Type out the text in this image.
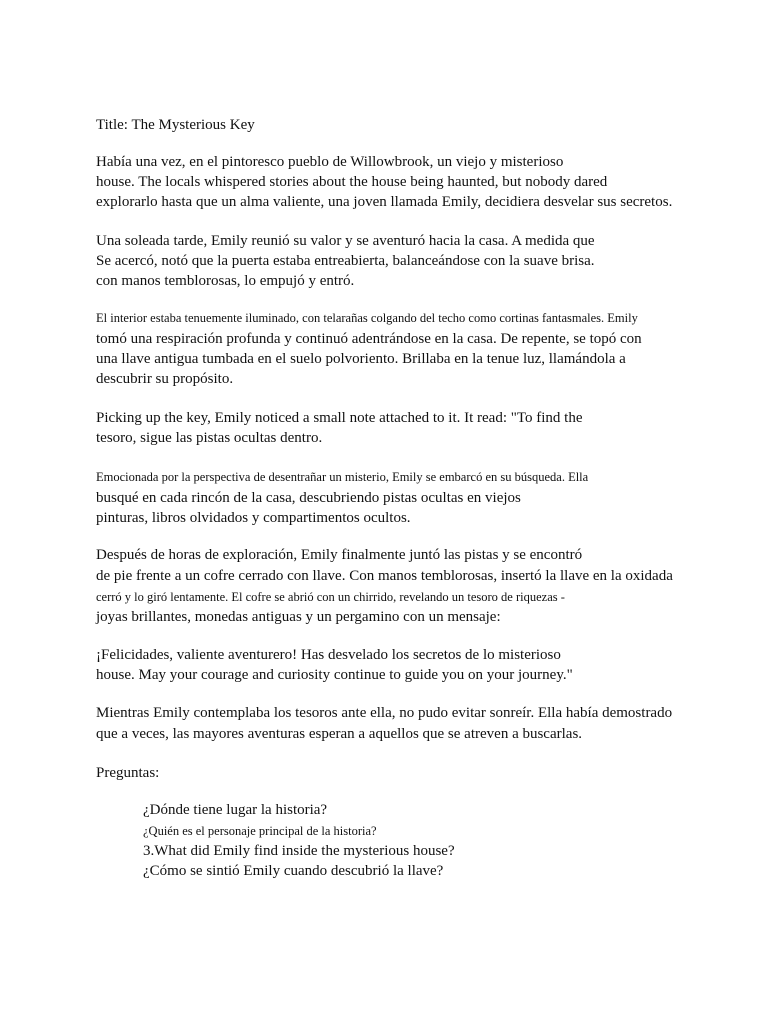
Title: The Mysterious Key
Había una vez, en el pintoresco pueblo de Willowbrook, un viejo y misterioso
house. The locals whispered stories about the house being haunted, but nobody dared
explorarlo hasta que un alma valiente, una joven llamada Emily, decidiera desvelar sus secretos.
Una soleada tarde, Emily reunió su valor y se aventuró hacia la casa. A medida que
Se acercó, notó que la puerta estaba entreabierta, balanceándose con la suave brisa.
con manos temblorosas, lo empujó y entró.
El interior estaba tenuemente iluminado, con telarañas colgando del techo como cortinas fantasmales. Emily
tomó una respiración profunda y continuó adentrándose en la casa. De repente, se topó con
una llave antigua tumbada en el suelo polvoriento. Brillaba en la tenue luz, llamándola a
descubrir su propósito.
Picking up the key, Emily noticed a small note attached to it. It read: "To find the
tesoro, sigue las pistas ocultas dentro.
Emocionada por la perspectiva de desentrañar un misterio, Emily se embarcó en su búsqueda. Ella
busqué en cada rincón de la casa, descubriendo pistas ocultas en viejos
pinturas, libros olvidados y compartimentos ocultos.
Después de horas de exploración, Emily finalmente juntó las pistas y se encontró
de pie frente a un cofre cerrado con llave. Con manos temblorosas, insertó la llave en la oxidada
cerró y lo giró lentamente. El cofre se abrió con un chirrido, revelando un tesoro de riquezas -
joyas brillantes, monedas antiguas y un pergamino con un mensaje:
¡Felicidades, valiente aventurero! Has desvelado los secretos de lo misterioso
house. May your courage and curiosity continue to guide you on your journey."
Mientras Emily contemplaba los tesoros ante ella, no pudo evitar sonreír. Ella había demostrado
que a veces, las mayores aventuras esperan a aquellos que se atreven a buscarlas.
Preguntas:
¿Dónde tiene lugar la historia?
¿Quién es el personaje principal de la historia?
3.What did Emily find inside the mysterious house?
¿Cómo se sintió Emily cuando descubrió la llave?
